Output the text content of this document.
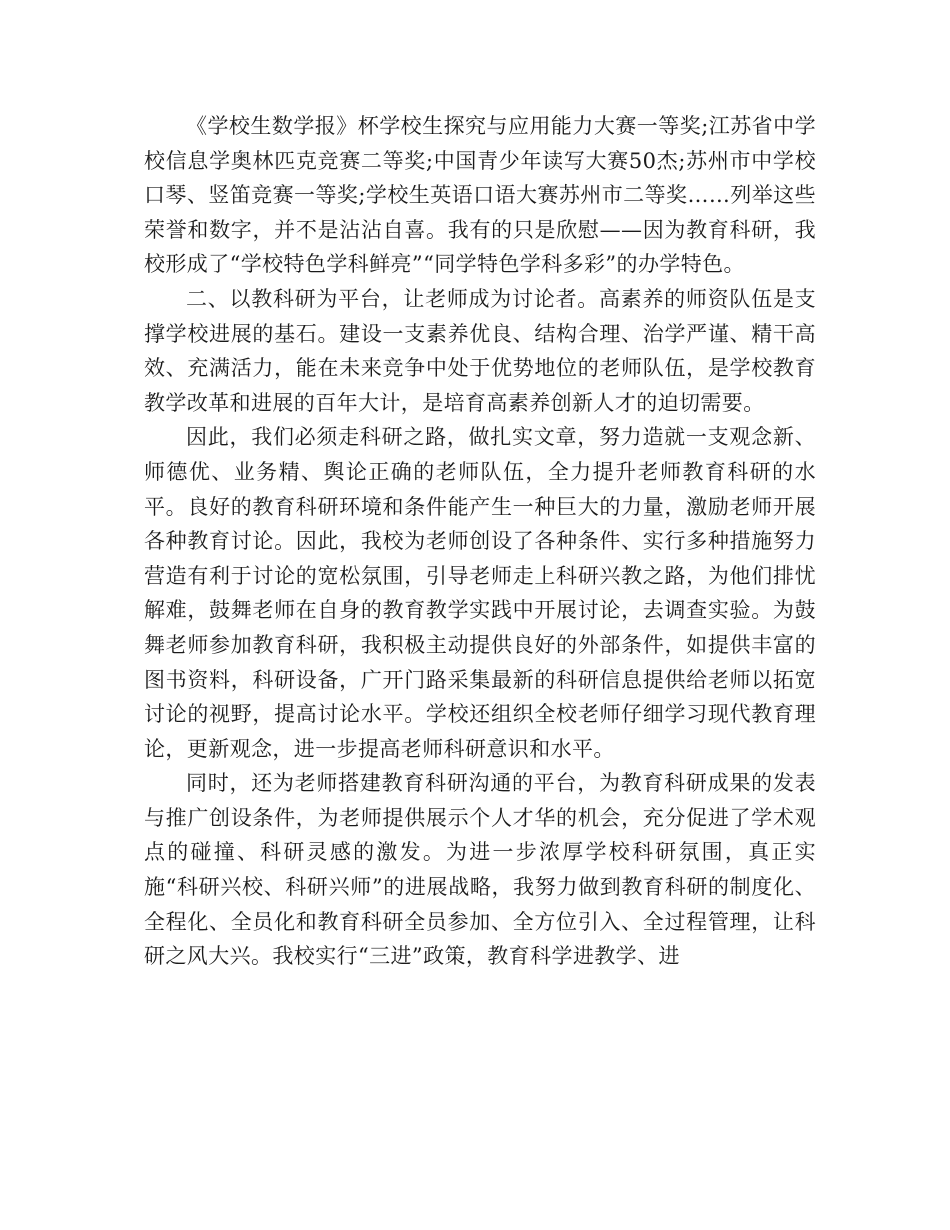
《学校生数学报》杯学校生探究与应用能力大赛一等奖;江苏省中学校信息学奥林匹克竞赛二等奖;中国青少年读写大赛50杰;苏州市中学校口琴、竖笛竞赛一等奖;学校生英语口语大赛苏州市二等奖……列举这些荣誉和数字，并不是沾沾自喜。我有的只是欣慰——因为教育科研，我校形成了“学校特色学科鲜亮”“同学特色学科多彩”的办学特色。

二、以教科研为平台，让老师成为讨论者。高素养的师资队伍是支撑学校进展的基石。建设一支素养优良、结构合理、治学严谨、精干高效、充满活力，能在未来竞争中处于优势地位的老师队伍，是学校教育教学改革和进展的百年大计，是培育高素养创新人才的迫切需要。

因此，我们必须走科研之路，做扎实文章，努力造就一支观念新、师德优、业务精、舆论正确的老师队伍，全力提升老师教育科研的水平。良好的教育科研环境和条件能产生一种巨大的力量，激励老师开展各种教育讨论。因此，我校为老师创设了各种条件、实行多种措施努力营造有利于讨论的宽松氛围，引导老师走上科研兴教之路，为他们排忧解难，鼓舞老师在自身的教育教学实践中开展讨论，去调查实验。为鼓舞老师参加教育科研，我积极主动提供良好的外部条件，如提供丰富的图书资料，科研设备，广开门路采集最新的科研信息提供给老师以拓宽讨论的视野，提高讨论水平。学校还组织全校老师仔细学习现代教育理论，更新观念，进一步提高老师科研意识和水平。

同时，还为老师搭建教育科研沟通的平台，为教育科研成果的发表与推广创设条件，为老师提供展示个人才华的机会，充分促进了学术观点的碰撞、科研灵感的激发。为进一步浓厚学校科研氛围，真正实施“科研兴校、科研兴师”的进展战略，我努力做到教育科研的制度化、全程化、全员化和教育科研全员参加、全方位引入、全过程管理，让科研之风大兴。我校实行“三进”政策，教育科学进教学、进
